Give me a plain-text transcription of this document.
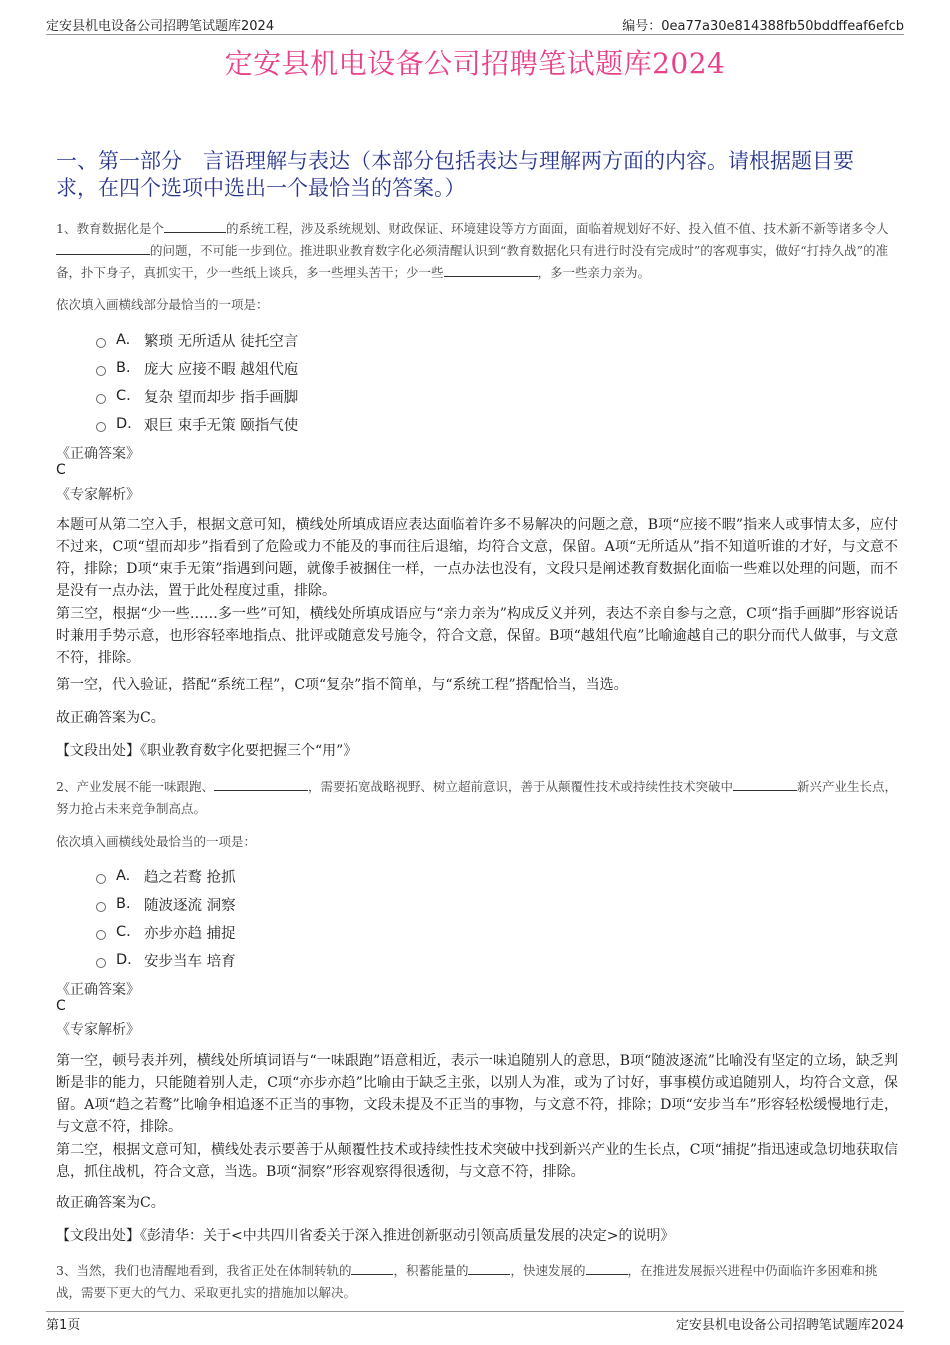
定安县机电设备公司招聘笔试题库2024	编号：0ea77a30e814388fb50bddffeaf6efcb
定安县机电设备公司招聘笔试题库2024
一、第一部分　言语理解与表达（本部分包括表达与理解两方面的内容。请根据题目要求，在四个选项中选出一个最恰当的答案。）
1、教育数据化是个	的系统工程，涉及系统规划、财政保证、环境建设等方方面面，面临着规划好不好、投入值不值、技术新不新等诸多令人的问题，不可能一步到位。推进职业教育数字化必须清醒认识到“教育数据化只有进行时没有完成时”的客观事实，做好“打持久战”的准备，扑下身子，真抓实干，少一些纸上谈兵，多一些埋头苦干；少一些	，多一些亲力亲为。
依次填入画横线部分最恰当的一项是：
A. 繁琐 无所适从 徒托空言
B. 庞大 应接不暇 越俎代庖
C. 复杂 望而却步 指手画脚
D. 艰巨 束手无策 颐指气使
《正确答案》
C
《专家解析》
本题可从第二空入手，根据文意可知，横线处所填成语应表达面临着许多不易解决的问题之意，B项“应接不暇”指来人或事情太多，应付不过来，C项“望而却步”指看到了危险或力不能及的事而往后退缩，均符合文意，保留。A项“无所适从”指不知道听谁的才好，与文意不符，排除；D项“束手无策”指遇到问题，就像手被捆住一样，一点办法也没有，文段只是阐述教育数据化面临一些难以处理的问题，而不是没有一点办法，置于此处程度过重，排除。
第三空，根据“少一些……多一些”可知，横线处所填成语应与“亲力亲为”构成反义并列，表达不亲自参与之意，C项“指手画脚”形容说话时兼用手势示意，也形容轻率地指点、批评或随意发号施令，符合文意，保留。B项“越俎代庖”比喻逾越自己的职分而代人做事，与文意不符，排除。
第一空，代入验证，搭配“系统工程”，C项“复杂”指不简单，与“系统工程”搭配恰当，当选。
故正确答案为C。
【文段出处】《职业教育数字化要把握三个“用”》
2、产业发展不能一味跟跑、	，需要拓宽战略视野、树立超前意识，善于从颠覆性技术或持续性技术突破中	新兴产业生长点，努力抢占未来竞争制高点。
依次填入画横线处最恰当的一项是：
A. 趋之若鹜 抢抓
B. 随波逐流 洞察
C. 亦步亦趋 捕捉
D. 安步当车 培育
《正确答案》
C
《专家解析》
第一空，顿号表并列，横线处所填词语与“一味跟跑”语意相近，表示一味追随别人的意思，B项“随波逐流”比喻没有坚定的立场，缺乏判断是非的能力，只能随着别人走，C项“亦步亦趋”比喻由于缺乏主张，以别人为准，或为了讨好，事事模仿或追随别人，均符合文意，保留。A项“趋之若鹜”比喻争相追逐不正当的事物，文段未提及不正当的事物，与文意不符，排除；D项“安步当车”形容轻松缓慢地行走，与文意不符，排除。
第二空，根据文意可知，横线处表示要善于从颠覆性技术或持续性技术突破中找到新兴产业的生长点，C项“捕捉”指迅速或急切地获取信息，抓住战机，符合文意，当选。B项“洞察”形容观察得很透彻，与文意不符，排除。
故正确答案为C。
【文段出处】《彭清华：关于<中共四川省委关于深入推进创新驱动引领高质量发展的决定>的说明》
3、当然，我们也清醒地看到，我省正处在体制转轨的	，积蓄能量的	，快速发展的	，在推进发展振兴进程中仍面临许多困难和挑战，需要下更大的气力、采取更扎实的措施加以解决。
第1页	定安县机电设备公司招聘笔试题库2024
